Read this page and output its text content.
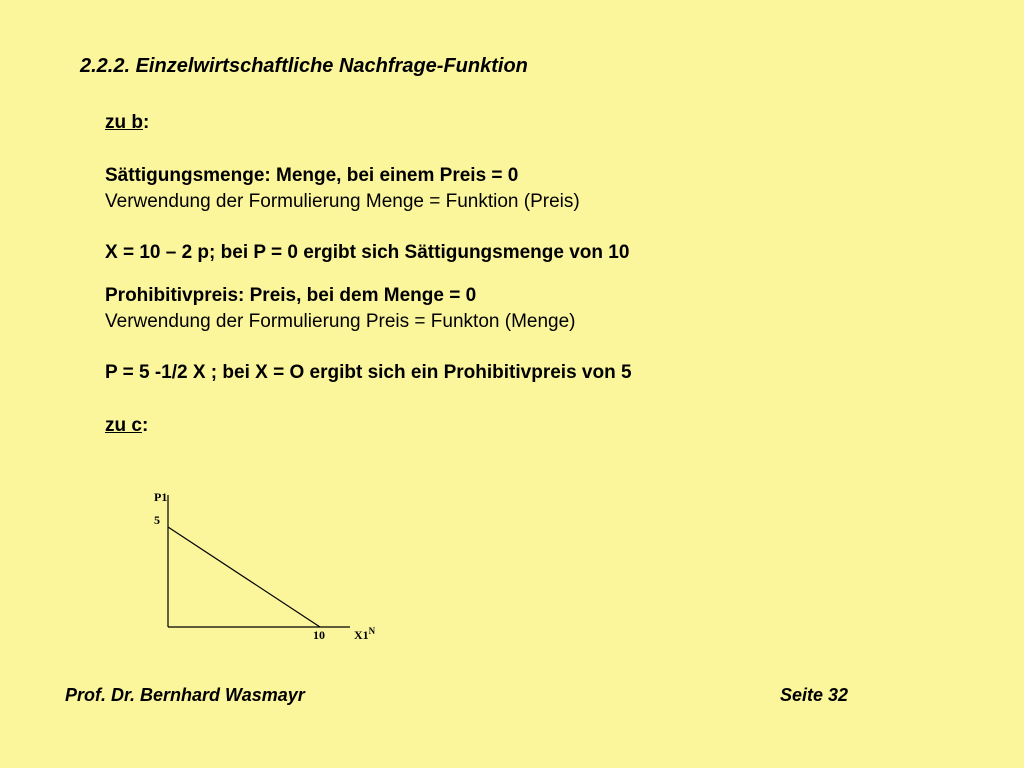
2.2.2. Einzelwirtschaftliche Nachfrage-Funktion
zu b:
Sättigungsmenge: Menge, bei einem Preis = 0
Verwendung der Formulierung Menge = Funktion (Preis)
X = 10 – 2 p; bei P = 0 ergibt sich Sättigungsmenge von 10
Prohibitivpreis: Preis, bei dem Menge = 0
Verwendung der Formulierung Preis = Funkton (Menge)
P = 5 -1/2 X ; bei X = O ergibt sich ein Prohibitivpreis von 5
zu c:
P1
5
10 $X1^N$
Prof. Dr. Bernhard Wasmayr	Seite 32
